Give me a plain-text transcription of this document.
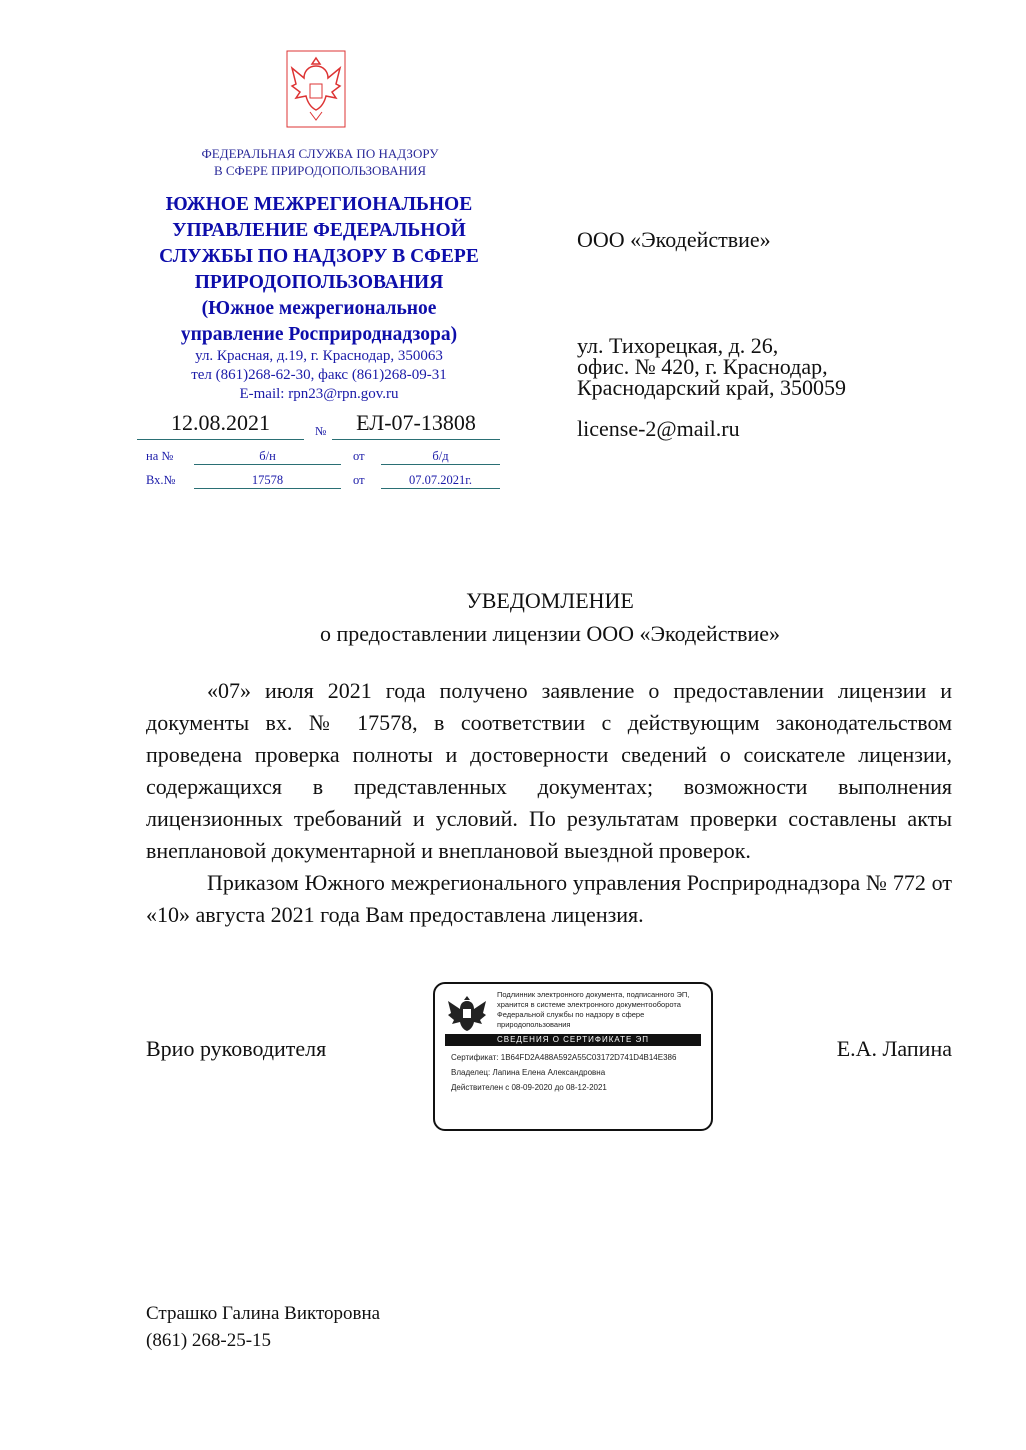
ФЕДЕРАЛЬНАЯ СЛУЖБА ПО НАДЗОРУ
В СФЕРЕ ПРИРОДОПОЛЬЗОВАНИЯ
ЮЖНОЕ МЕЖРЕГИОНАЛЬНОЕ
УПРАВЛЕНИЕ ФЕДЕРАЛЬНОЙ
СЛУЖБЫ ПО НАДЗОРУ В СФЕРЕ
ПРИРОДОПОЛЬЗОВАНИЯ
(Южное межрегиональное
управление Росприроднадзора)
ул. Красная, д.19, г. Краснодар, 350063
тел (861)268-62-30, факс (861)268-09-31
E-mail: rpn23@rpn.gov.ru
12.08.2021	№	ЕЛ-07-13808
на №	б/н	от	б/д
Вх.№	17578	от	07.07.2021г.
ООО «Экодействие»
ул. Тихорецкая, д. 26,
офис. № 420, г. Краснодар,
Краснодарский край, 350059
license-2@mail.ru
УВЕДОМЛЕНИЕ
о предоставлении лицензии ООО «Экодействие»

«07» июля 2021 года получено заявление о предоставлении лицензии и документы вх. № 17578, в соответствии с действующим законодательством проведена проверка полноты и достоверности сведений о соискателе лицензии, содержащихся в представленных документах; возможности выполнения лицензионных требований и условий. По результатам проверки составлены акты внеплановой документарной и внеплановой выездной проверок.

Приказом Южного межрегионального управления Росприроднадзора № 772 от «10» августа 2021 года Вам предоставлена лицензия.

Врио руководителя	Е.А. Лапина
Подлинник электронного документа, подписанного ЭП, хранится в системе электронного документооборота Федеральной службы по надзору в сфере природопользования
СВЕДЕНИЯ О СЕРТИФИКАТЕ ЭП
Сертификат: 1B64FD2A488A592A55C03172D741D4B14E386
Владелец: Лапина Елена Александровна
Действителен с 08-09-2020 до 08-12-2021
Страшко Галина Викторовна
(861) 268-25-15
